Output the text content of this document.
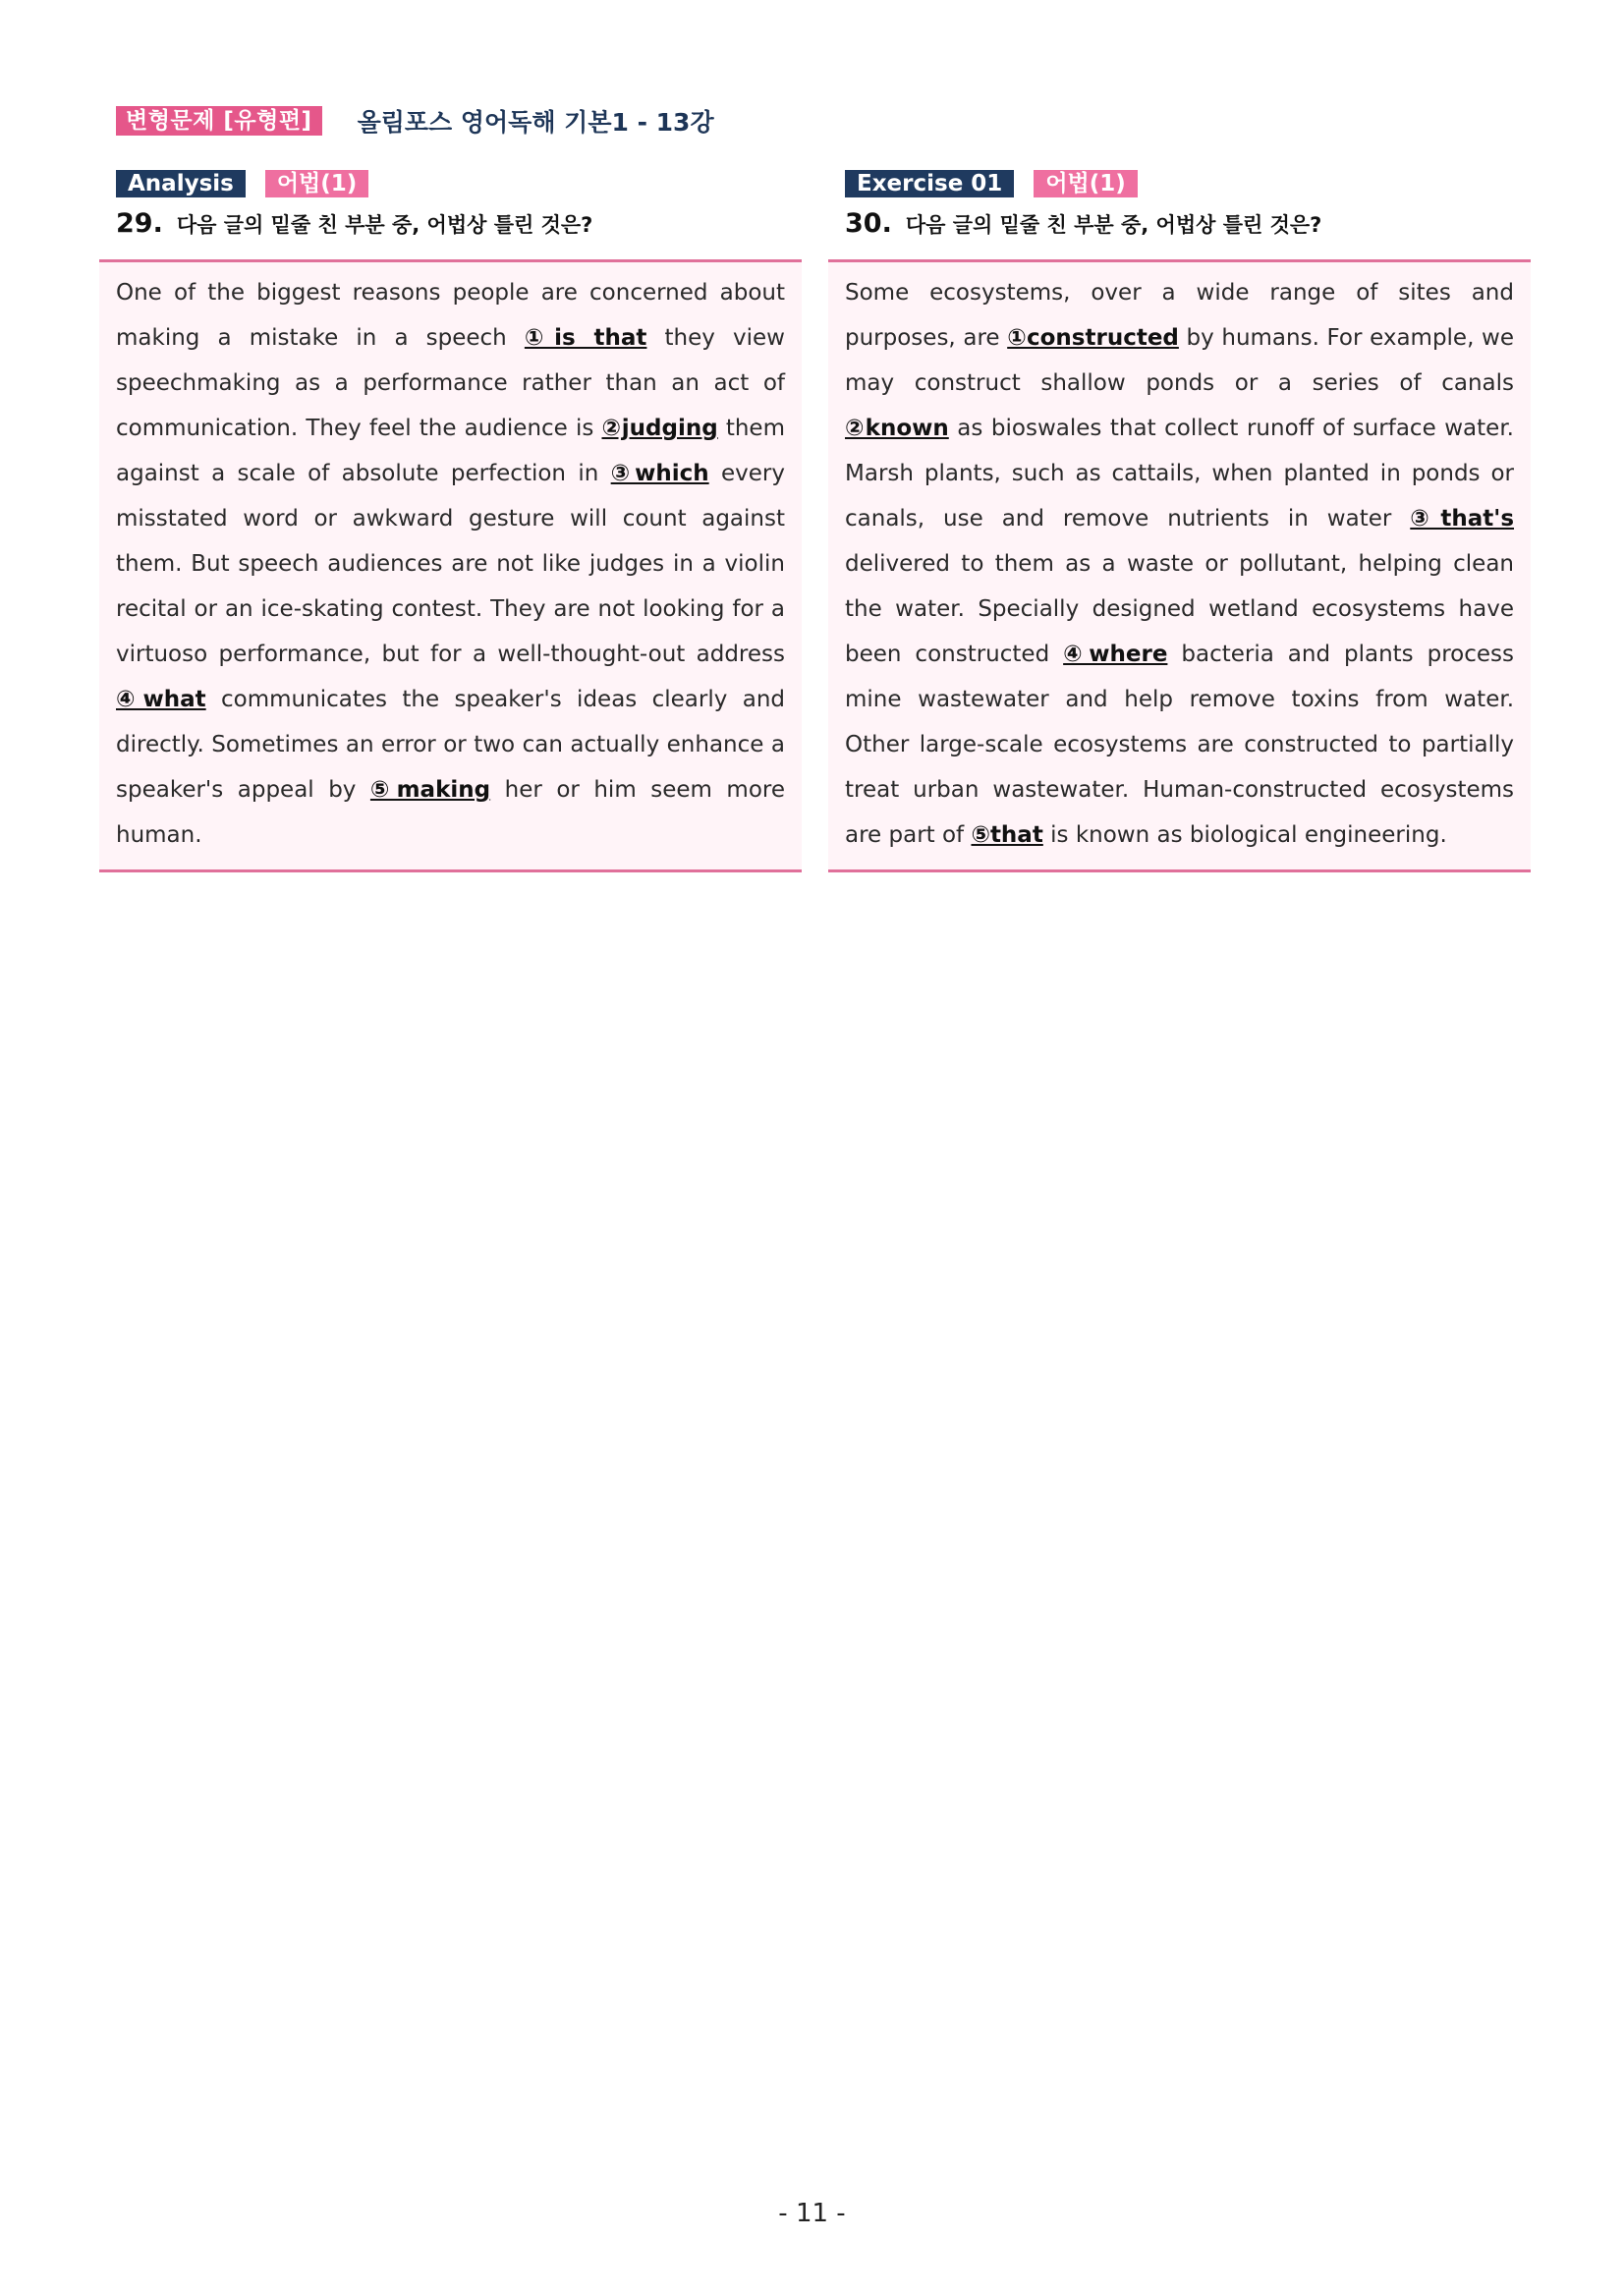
변형문제 [유형편]	올림포스 영어독해 기본1 - 13강
Analysis	어법(1)
29. 다음 글의 밑줄 친 부분 중, 어법상 틀린 것은?
One of the biggest reasons people are concerned about making a mistake in a speech ①is that they view speechmaking as a performance rather than an act of communication. They feel the audience is ②judging them against a scale of absolute perfection in ③which every misstated word or awkward gesture will count against them. But speech audiences are not like judges in a violin recital or an ice-skating contest. They are not looking for a virtuoso performance, but for a well-thought-out address ④what communicates the speaker's ideas clearly and directly. Sometimes an error or two can actually enhance a speaker's appeal by ⑤making her or him seem more human.
Exercise 01	어법(1)
30. 다음 글의 밑줄 친 부분 중, 어법상 틀린 것은?
Some ecosystems, over a wide range of sites and purposes, are ①constructed by humans. For example, we may construct shallow ponds or a series of canals ②known as bioswales that collect runoff of surface water. Marsh plants, such as cattails, when planted in ponds or canals, use and remove nutrients in water ③that's delivered to them as a waste or pollutant, helping clean the water. Specially designed wetland ecosystems have been constructed ④where bacteria and plants process mine wastewater and help remove toxins from water. Other large-scale ecosystems are constructed to partially treat urban wastewater. Human-constructed ecosystems are part of ⑤that is known as biological engineering.
- 11 -
